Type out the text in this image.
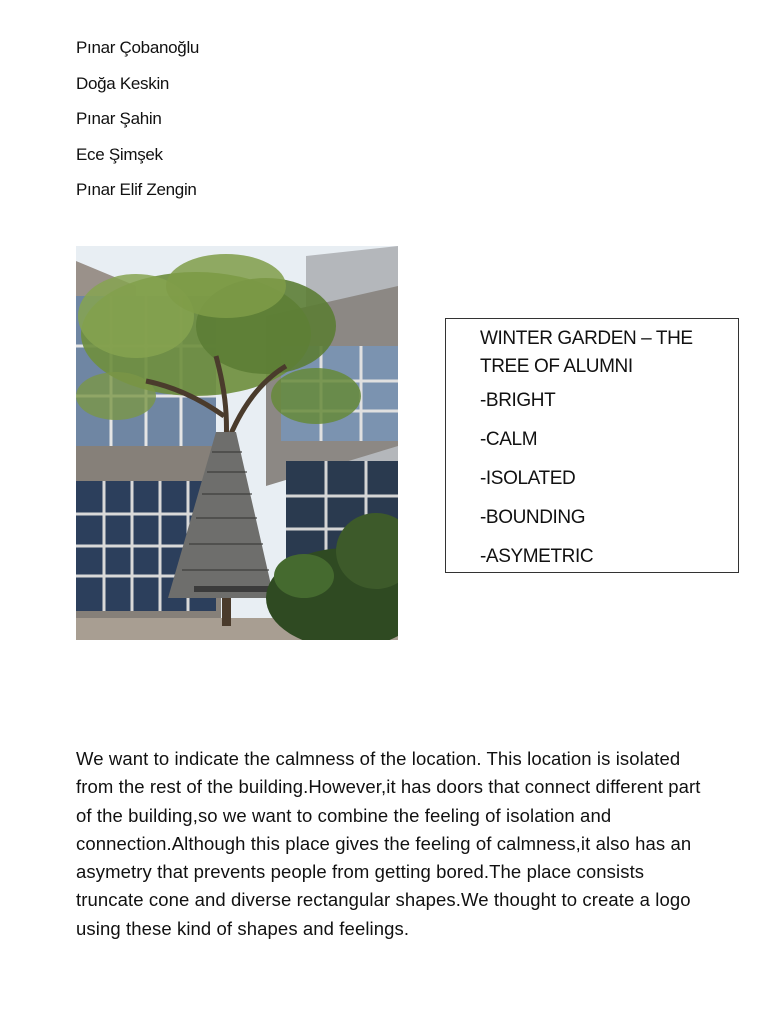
Pınar Çobanoğlu
Doğa Keskin
Pınar Şahin
Ece Şimşek
Pınar Elif Zengin
WINTER GARDEN – THE TREE OF ALUMNI
-BRIGHT
-CALM
-ISOLATED
-BOUNDING
-ASYMETRIC

We want to indicate the calmness of the location. This location is isolated from the rest of the building.However,it has doors that connect different part of the building,so we want to combine the feeling of isolation and connection.Although this place gives the feeling of calmness,it also has an asymetry that prevents people from getting bored.The place consists truncate cone and diverse rectangular shapes.We thought to create a logo using these kind of shapes and feelings.
